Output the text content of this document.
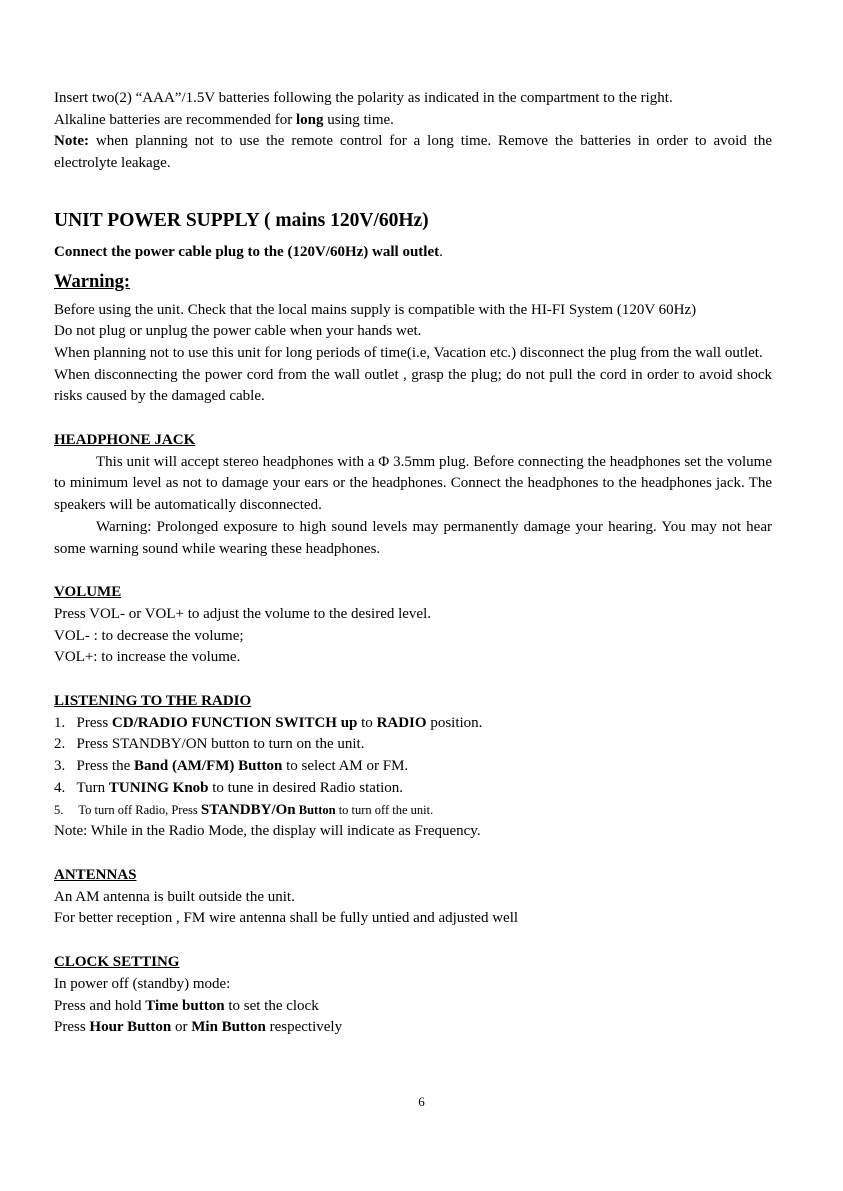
Insert two(2) “AAA”/1.5V batteries following the polarity as indicated in the compartment to the right.

Alkaline batteries are recommended for long using time.

Note: when planning not to use the remote control for a long time. Remove the batteries in order to avoid the electrolyte leakage.

UNIT POWER SUPPLY ( mains 120V/60Hz)

Connect the power cable plug to the (120V/60Hz) wall outlet.

Warning:

Before using the unit. Check that the local mains supply is compatible with the HI-FI System (120V 60Hz)

Do not plug or unplug the power cable when your hands wet.

When planning not to use this unit for long periods of time(i.e, Vacation etc.) disconnect the plug from the wall outlet.

When disconnecting the power cord from the wall outlet , grasp the plug; do not pull the cord in order to avoid shock risks caused by the damaged cable.

HEADPHONE JACK

This unit will accept stereo headphones with a Φ 3.5mm plug. Before connecting the headphones set the volume to minimum level as not to damage your ears or the headphones. Connect the headphones to the headphones jack. The speakers will be automatically disconnected.

Warning: Prolonged exposure to high sound levels may permanently damage your hearing. You may not hear some warning sound while wearing these headphones.

VOLUME

Press VOL- or VOL+ to adjust the volume to the desired level.

VOL- : to decrease the volume;

VOL+: to increase the volume.

LISTENING TO THE RADIO

1. Press CD/RADIO FUNCTION SWITCH up to RADIO position.
2. Press STANDBY/ON button to turn on the unit.
3. Press the Band (AM/FM) Button to select AM or FM.
4. Turn TUNING Knob to tune in desired Radio station.
5. To turn off Radio, Press STANDBY/On Button to turn off the unit.

Note: While in the Radio Mode, the display will indicate as Frequency.

ANTENNAS

An AM antenna is built outside the unit.

For better reception , FM wire antenna shall be fully untied and adjusted well

CLOCK SETTING

In power off (standby) mode:

Press and hold Time button to set the clock

Press Hour Button or Min Button respectively

6
